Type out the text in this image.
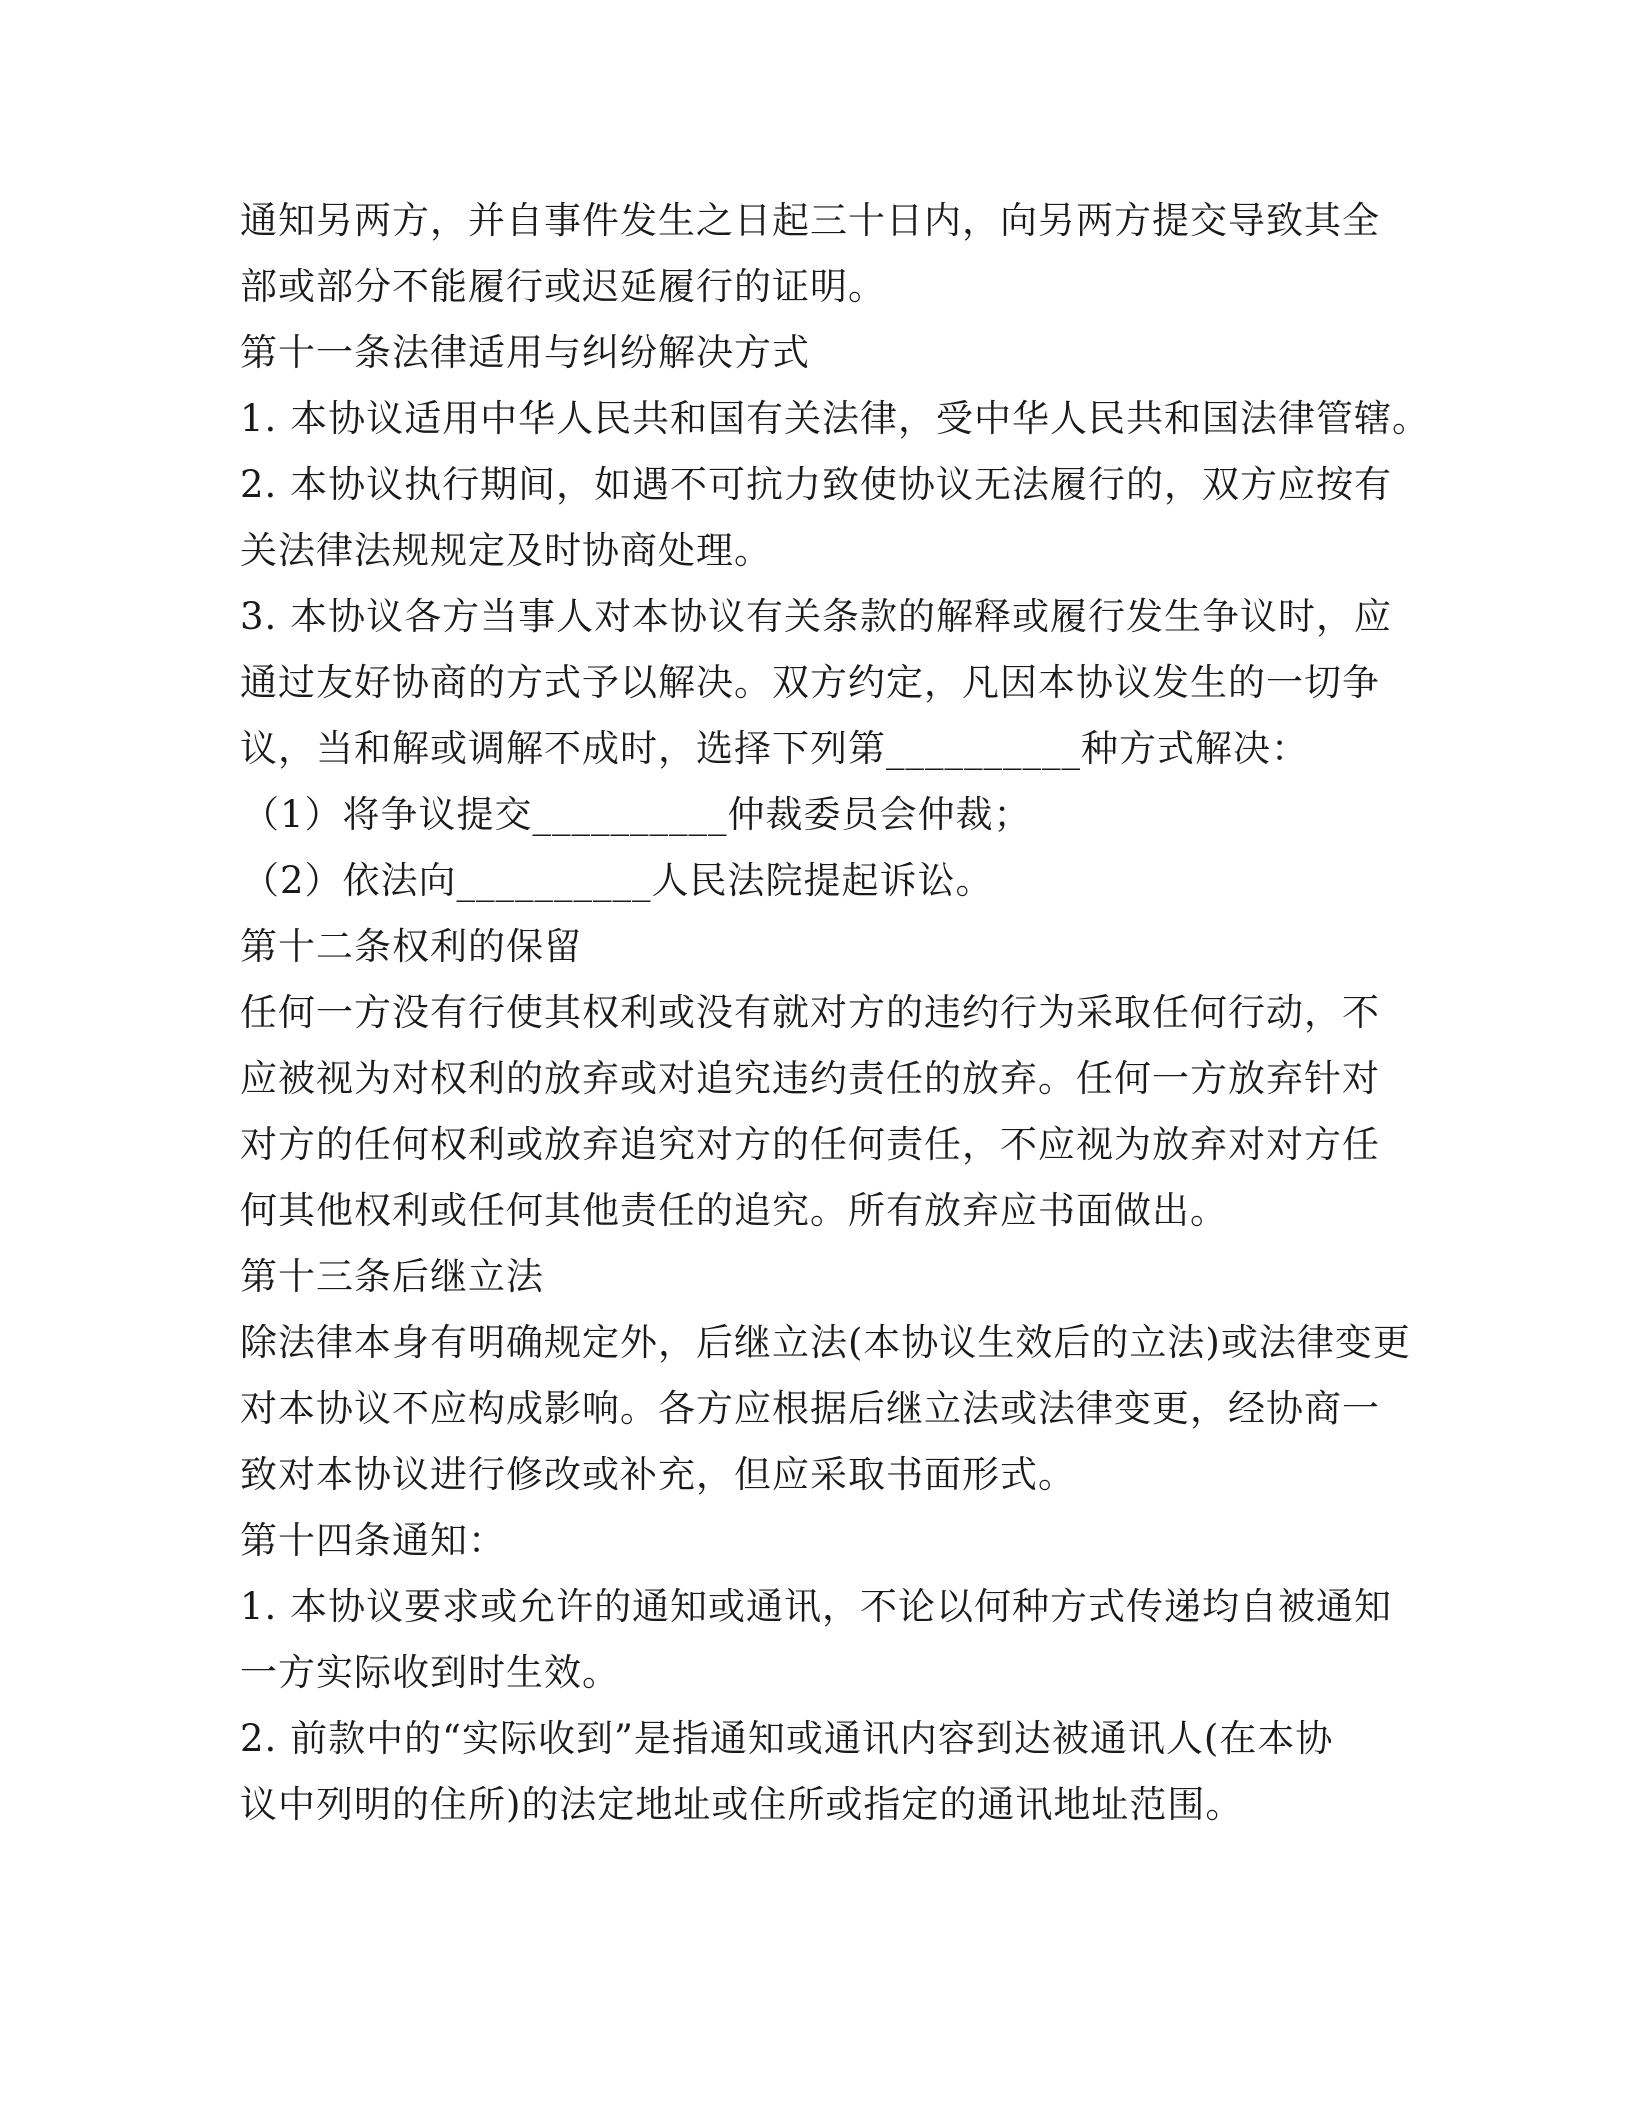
通知另两方，并自事件发生之日起三十日内，向另两方提交导致其全
部或部分不能履行或迟延履行的证明。
第十一条法律适用与纠纷解决方式
1. 本协议适用中华人民共和国有关法律，受中华人民共和国法律管辖。
2. 本协议执行期间，如遇不可抗力致使协议无法履行的，双方应按有
关法律法规规定及时协商处理。
3. 本协议各方当事人对本协议有关条款的解释或履行发生争议时，应
通过友好协商的方式予以解决。双方约定，凡因本协议发生的一切争
议，当和解或调解不成时，选择下列第__________种方式解决：
（1）将争议提交__________仲裁委员会仲裁；
（2）依法向__________人民法院提起诉讼。
第十二条权利的保留
任何一方没有行使其权利或没有就对方的违约行为采取任何行动，不
应被视为对权利的放弃或对追究违约责任的放弃。任何一方放弃针对
对方的任何权利或放弃追究对方的任何责任，不应视为放弃对对方任
何其他权利或任何其他责任的追究。所有放弃应书面做出。
第十三条后继立法
除法律本身有明确规定外，后继立法(本协议生效后的立法)或法律变更
对本协议不应构成影响。各方应根据后继立法或法律变更，经协商一
致对本协议进行修改或补充，但应采取书面形式。
第十四条通知：
1. 本协议要求或允许的通知或通讯，不论以何种方式传递均自被通知
一方实际收到时生效。
2. 前款中的“实际收到”是指通知或通讯内容到达被通讯人(在本协
议中列明的住所)的法定地址或住所或指定的通讯地址范围。
